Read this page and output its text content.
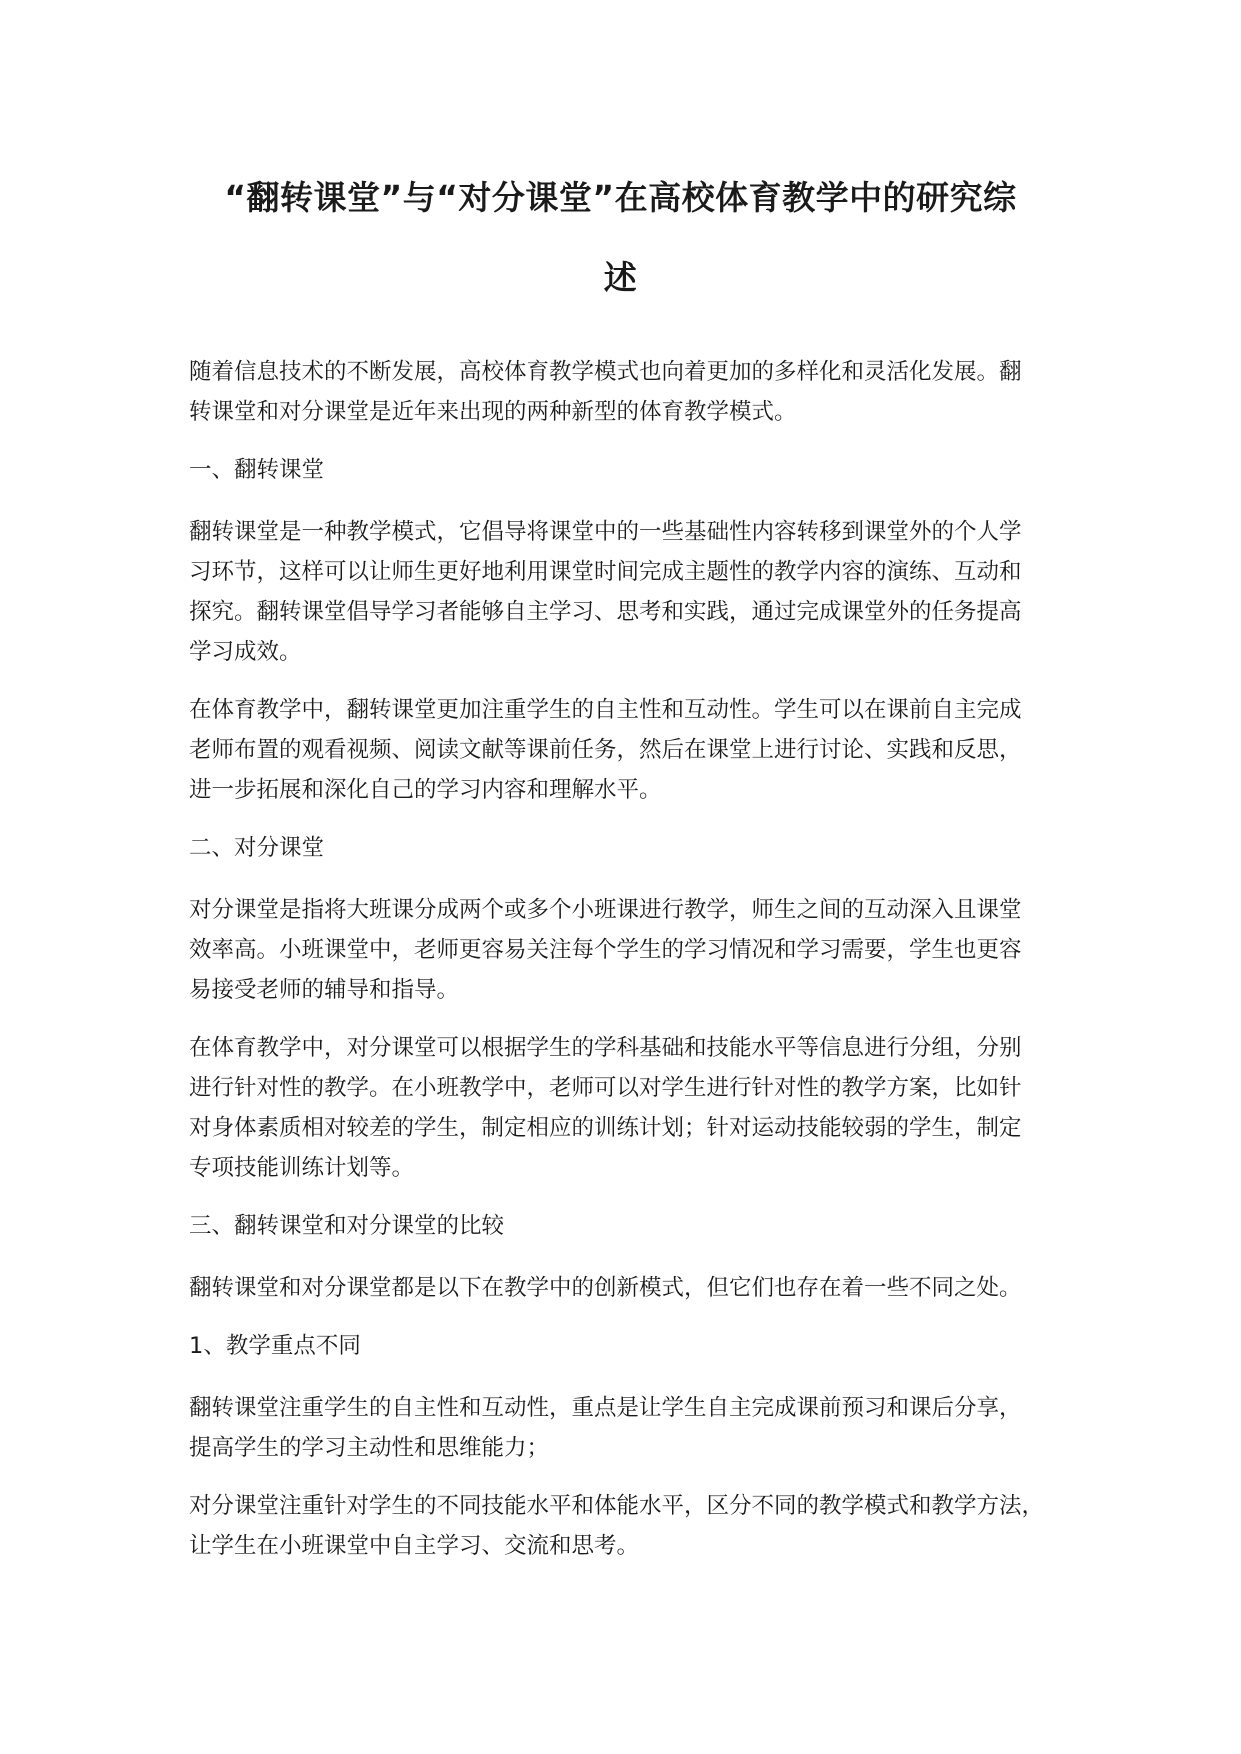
“翻转课堂”与“对分课堂”在高校体育教学中的研究综
述
随着信息技术的不断发展，高校体育教学模式也向着更加的多样化和灵活化发展。翻
转课堂和对分课堂是近年来出现的两种新型的体育教学模式。
一、翻转课堂
翻转课堂是一种教学模式，它倡导将课堂中的一些基础性内容转移到课堂外的个人学
习环节，这样可以让师生更好地利用课堂时间完成主题性的教学内容的演练、互动和
探究。翻转课堂倡导学习者能够自主学习、思考和实践，通过完成课堂外的任务提高
学习成效。
在体育教学中，翻转课堂更加注重学生的自主性和互动性。学生可以在课前自主完成
老师布置的观看视频、阅读文献等课前任务，然后在课堂上进行讨论、实践和反思，
进一步拓展和深化自己的学习内容和理解水平。
二、对分课堂
对分课堂是指将大班课分成两个或多个小班课进行教学，师生之间的互动深入且课堂
效率高。小班课堂中，老师更容易关注每个学生的学习情况和学习需要，学生也更容
易接受老师的辅导和指导。
在体育教学中，对分课堂可以根据学生的学科基础和技能水平等信息进行分组，分别
进行针对性的教学。在小班教学中，老师可以对学生进行针对性的教学方案，比如针
对身体素质相对较差的学生，制定相应的训练计划；针对运动技能较弱的学生，制定
专项技能训练计划等。
三、翻转课堂和对分课堂的比较
翻转课堂和对分课堂都是以下在教学中的创新模式，但它们也存在着一些不同之处。
1、教学重点不同
翻转课堂注重学生的自主性和互动性，重点是让学生自主完成课前预习和课后分享，
提高学生的学习主动性和思维能力；
对分课堂注重针对学生的不同技能水平和体能水平，区分不同的教学模式和教学方法，
让学生在小班课堂中自主学习、交流和思考。
